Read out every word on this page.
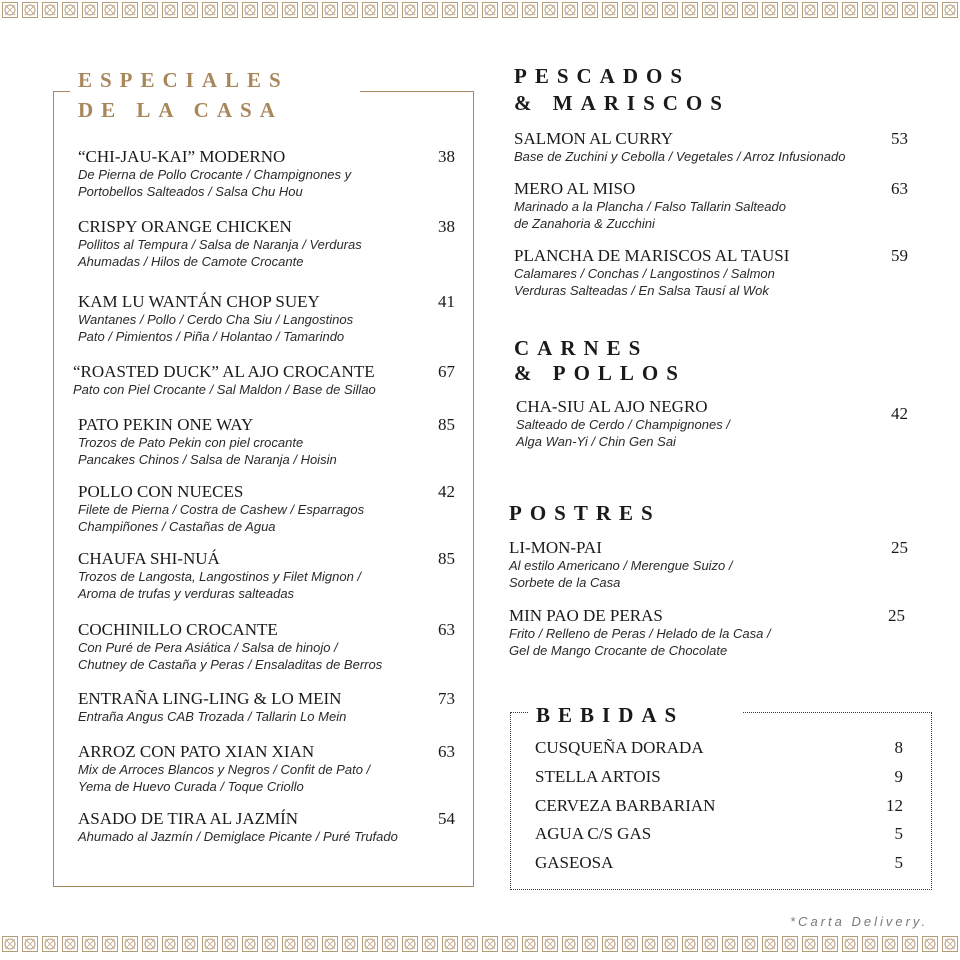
ESPECIALES
DE LA CASA
“CHI-JAU-KAI” MODERNO	38
De Pierna de Pollo Crocante / Champignones y
Portobellos Salteados / Salsa Chu Hou
CRISPY ORANGE CHICKEN	38
Pollitos al Tempura / Salsa de Naranja / Verduras
Ahumadas / Hilos de Camote Crocante
KAM LU WANTÁN CHOP SUEY	41
Wantanes / Pollo / Cerdo Cha Siu / Langostinos
Pato / Pimientos / Piña / Holantao / Tamarindo
“ROASTED DUCK” AL AJO CROCANTE	67
Pato con Piel Crocante / Sal Maldon / Base de Sillao
PATO PEKIN ONE WAY	85
Trozos de Pato Pekin con piel crocante
Pancakes Chinos / Salsa de Naranja / Hoisin
POLLO CON NUECES	42
Filete de Pierna / Costra de Cashew / Esparragos
Champiñones / Castañas de Agua
CHAUFA SHI-NUÁ	85
Trozos de Langosta, Langostinos y Filet Mignon /
Aroma de trufas y verduras salteadas
COCHINILLO CROCANTE	63
Con Puré de Pera Asiática / Salsa de hinojo /
Chutney de Castaña y Peras / Ensaladitas de Berros
ENTRAÑA LING-LING & LO MEIN	73
Entraña Angus CAB Trozada / Tallarin Lo Mein
ARROZ CON PATO XIAN XIAN	63
Mix de Arroces Blancos y Negros / Confit de Pato /
Yema de Huevo Curada / Toque Criollo
ASADO DE TIRA AL JAZMÍN	54
Ahumado al Jazmín / Demiglace Picante / Puré Trufado
PESCADOS
& MARISCOS
SALMON AL CURRY	53
Base de Zuchini y Cebolla / Vegetales / Arroz Infusionado
MERO AL MISO	63
Marinado a la Plancha / Falso Tallarin Salteado
de Zanahoria & Zucchini
PLANCHA DE MARISCOS AL TAUSI	59
Calamares / Conchas / Langostinos / Salmon
Verduras Salteadas / En Salsa Tausí al Wok
CARNES
& POLLOS
CHA-SIU AL AJO NEGRO	42
Salteado de Cerdo / Champignones /
Alga Wan-Yi / Chin Gen Sai
POSTRES
LI-MON-PAI	25
Al estilo Americano / Merengue Suizo /
Sorbete de la Casa
MIN PAO DE PERAS	25
Frito / Relleno de Peras / Helado de la Casa /
Gel de Mango Crocante de Chocolate
BEBIDAS
CUSQUEÑA DORADA	8
STELLA ARTOIS	9
CERVEZA BARBARIAN	12
AGUA C/S GAS	5
GASEOSA	5

*Carta Delivery.
